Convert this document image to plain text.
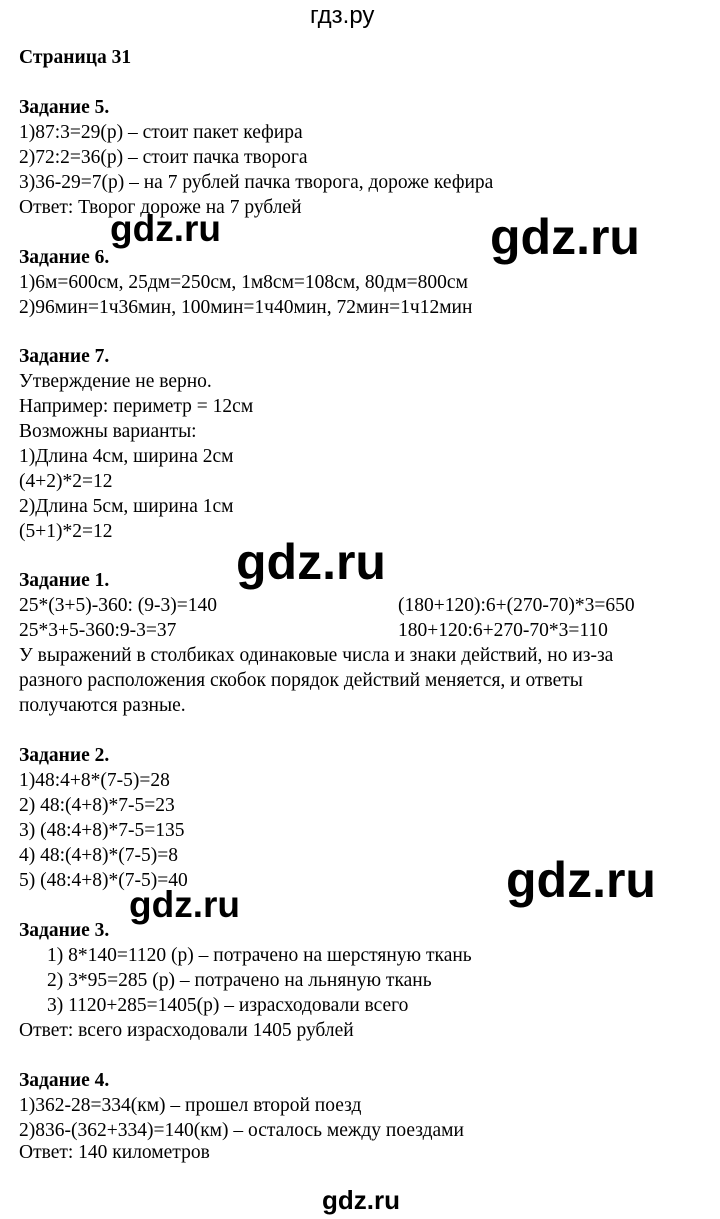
гдз.ру
Страница 31
Задание 5.
1)87:3=29(р) – стоит пакет кефира
2)72:2=36(р) – стоит пачка творога
3)36-29=7(р) – на 7 рублей пачка творога, дороже кефира
Ответ: Творог дороже на 7 рублей
Задание 6.
1)6м=600см, 25дм=250см, 1м8см=108см, 80дм=800см
2)96мин=1ч36мин, 100мин=1ч40мин, 72мин=1ч12мин
Задание 7.
Утверждение не верно.
Например: периметр = 12см
Возможны варианты:
1)Длина 4см, ширина 2см
(4+2)*2=12
2)Длина 5см, ширина 1см
(5+1)*2=12
Задание 1.
25*(3+5)-360: (9-3)=140
25*3+5-360:9-3=37
(180+120):6+(270-70)*3=650
180+120:6+270-70*3=110
У выражений в столбиках одинаковые числа и знаки действий, но из-за
разного расположения скобок порядок действий меняется, и ответы
получаются разные.
Задание 2.
1)48:4+8*(7-5)=28
2) 48:(4+8)*7-5=23
3) (48:4+8)*7-5=135
4) 48:(4+8)*(7-5)=8
5) (48:4+8)*(7-5)=40
Задание 3.
1) 8*140=1120 (р) – потрачено на шерстяную ткань
2) 3*95=285 (р) – потрачено на льняную ткань
3) 1120+285=1405(р) – израсходовали всего
Ответ: всего израсходовали 1405 рублей
Задание 4.
1)362-28=334(км) – прошел второй поезд
2)836-(362+334)=140(км) – осталось между поездами
Ответ: 140 километров
gdz.ru	gdz.ru
gdz.ru
gdz.ru
gdz.ru
gdz.ru
